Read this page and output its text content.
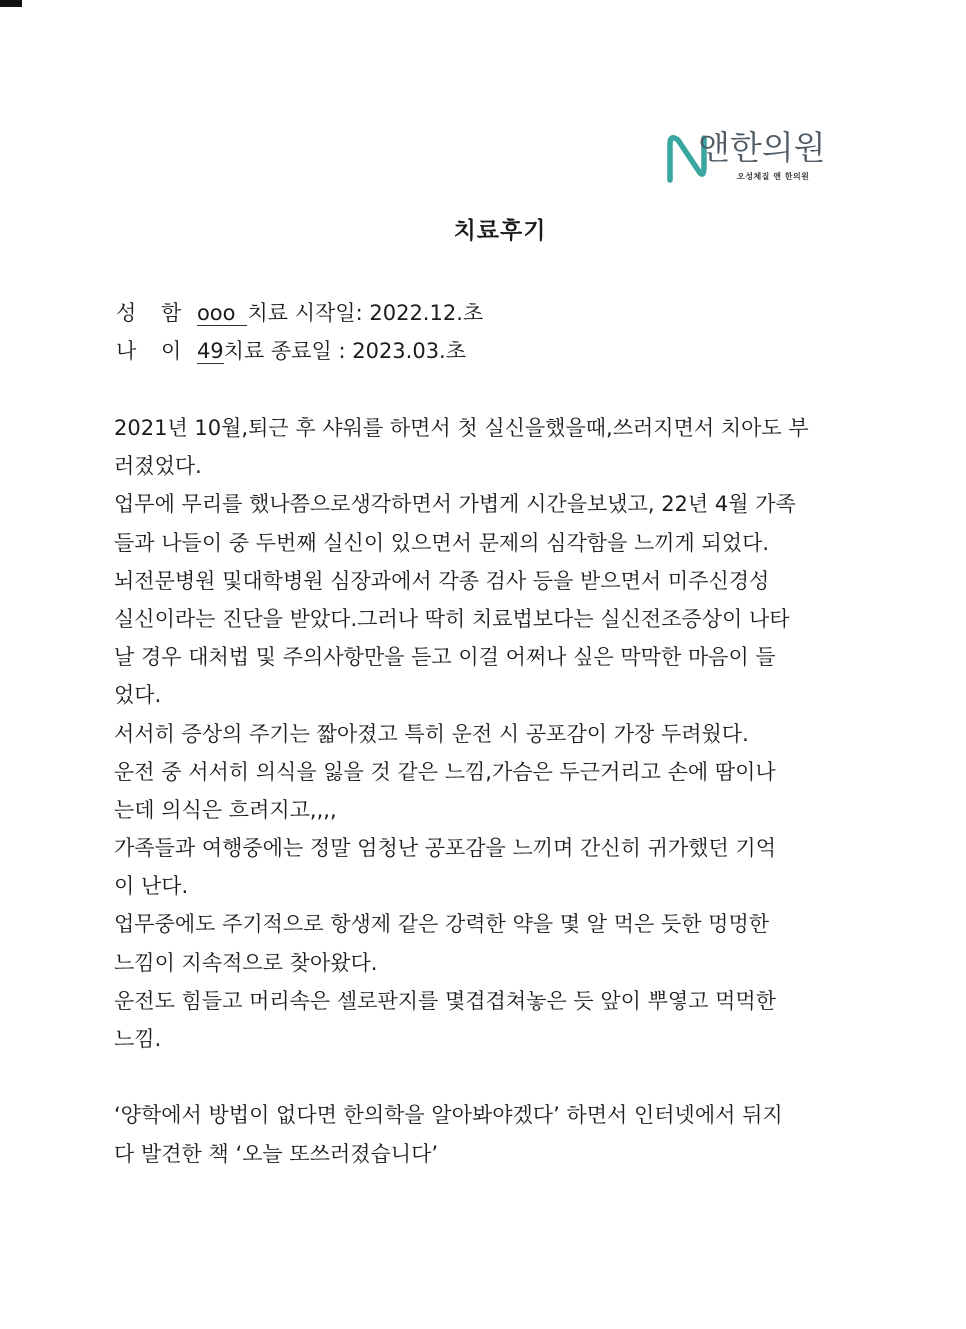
앤한의원
오성체질 앤 한의원
치료후기
성 함 ooo 치료 시작일: 2022.12.초
나 이 49치료 종료일 : 2023.03.초
2021년 10월,퇴근 후 샤워를 하면서 첫 실신을했을때,쓰러지면서 치아도 부
러졌었다.
업무에 무리를 했나쯤으로생각하면서 가볍게 시간을보냈고, 22년 4월 가족
들과 나들이 중 두번째 실신이 있으면서 문제의 심각함을 느끼게 되었다.
뇌전문병원 및대학병원 심장과에서 각종 검사 등을 받으면서 미주신경성
실신이라는 진단을 받았다.그러나 딱히 치료법보다는 실신전조증상이 나타
날 경우 대처법 및 주의사항만을 듣고 이걸 어쩌나 싶은 막막한 마음이 들
었다.
서서히 증상의 주기는 짧아졌고 특히 운전 시 공포감이 가장 두려웠다.
운전 중 서서히 의식을 잃을 것 같은 느낌,가슴은 두근거리고 손에 땀이나
는데 의식은 흐려지고,,,,
가족들과 여행중에는 정말 엄청난 공포감을 느끼며 간신히 귀가했던 기억
이 난다.
업무중에도 주기적으로 항생제 같은 강력한 약을 몇 알 먹은 듯한 멍멍한
느낌이 지속적으로 찾아왔다.
운전도 힘들고 머리속은 셀로판지를 몇겹겹쳐놓은 듯 앞이 뿌옇고 먹먹한
느낌.
‘양학에서 방법이 없다면 한의학을 알아봐야겠다’ 하면서 인터넷에서 뒤지
다 발견한 책 ‘오늘 또쓰러졌습니다’
